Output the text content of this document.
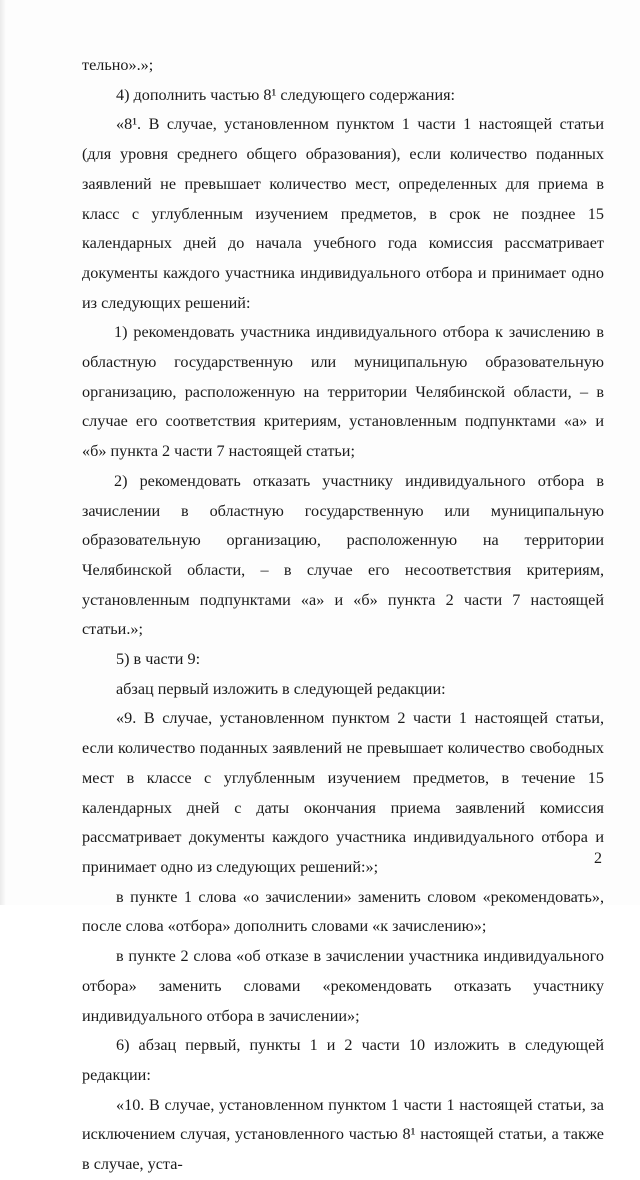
тельно».»;

4) дополнить частью 8¹ следующего содержания:

«8¹. В случае, установленном пунктом 1 части 1 настоящей статьи (для уровня среднего общего образования), если количество поданных заявлений не превышает количество мест, определенных для приема в класс с углубленным изучением предметов, в срок не позднее 15 календарных дней до начала учебного года комиссия рассматривает документы каждого участника индивидуального отбора и принимает одно из следующих решений:

1) рекомендовать участника индивидуального отбора к зачислению в областную государственную или муниципальную образовательную организацию, расположенную на территории Челябинской области, – в случае его соответствия критериям, установленным подпунктами «а» и «б» пункта 2 части 7 настоящей статьи;

2) рекомендовать отказать участнику индивидуального отбора в зачислении в областную государственную или муниципальную образовательную организацию, расположенную на территории Челябинской области, – в случае его несоответствия критериям, установленным подпунктами «а» и «б» пункта 2 части 7 настоящей статьи.»;

5) в части 9:

абзац первый изложить в следующей редакции:

«9. В случае, установленном пунктом 2 части 1 настоящей статьи, если количество поданных заявлений не превышает количество свободных мест в классе с углубленным изучением предметов, в течение 15 календарных дней с даты окончания приема заявлений комиссия рассматривает документы каждого участника индивидуального отбора и принимает одно из следующих решений:»;

в пункте 1 слова «о зачислении» заменить словом «рекомендовать», после слова «отбора» дополнить словами «к зачислению»;

в пункте 2 слова «об отказе в зачислении участника индивидуального отбора» заменить словами «рекомендовать отказать участнику индивидуального отбора в зачислении»;

6) абзац первый, пункты 1 и 2 части 10 изложить в следующей редакции:

«10. В случае, установленном пунктом 1 части 1 настоящей статьи, за исключением случая, установленного частью 8¹ настоящей статьи, а также в случае, уста-

2
